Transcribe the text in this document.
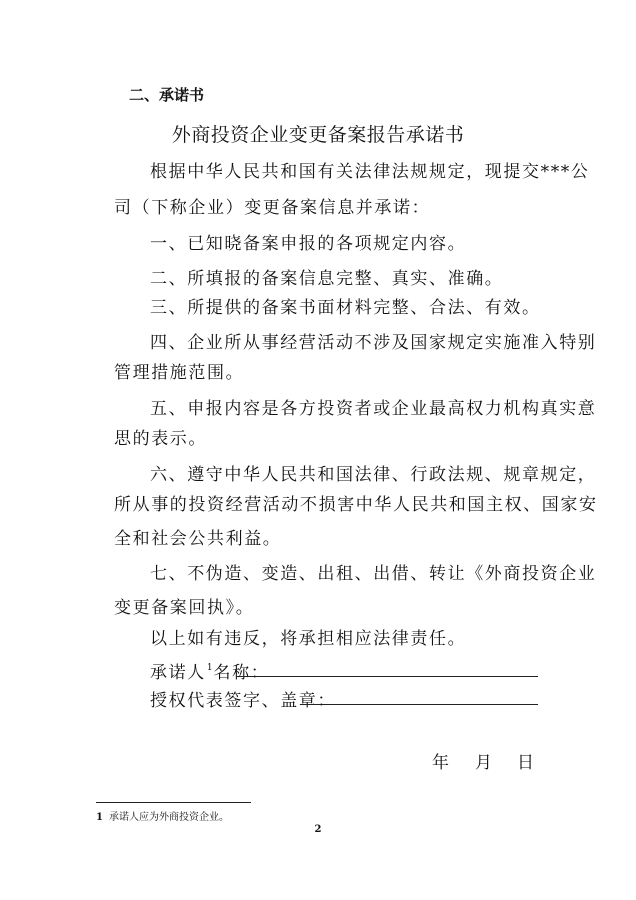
二、承诺书
外商投资企业变更备案报告承诺书
根据中华人民共和国有关法律法规规定，现提交***公
司（下称企业）变更备案信息并承诺：
一、已知晓备案申报的各项规定内容。
二、所填报的备案信息完整、真实、准确。
三、所提供的备案书面材料完整、合法、有效。
四、企业所从事经营活动不涉及国家规定实施准入特别
管理措施范围。
五、申报内容是各方投资者或企业最高权力机构真实意
思的表示。
六、遵守中华人民共和国法律、行政法规、规章规定，
所从事的投资经营活动不损害中华人民共和国主权、国家安
全和社会公共利益。
七、不伪造、变造、出租、出借、转让《外商投资企业
变更备案回执》。
以上如有违反，将承担相应法律责任。
承诺人$^1$名称：
授权代表签字、盖章：
年 月 日
1 承诺人应为外商投资企业。
2
